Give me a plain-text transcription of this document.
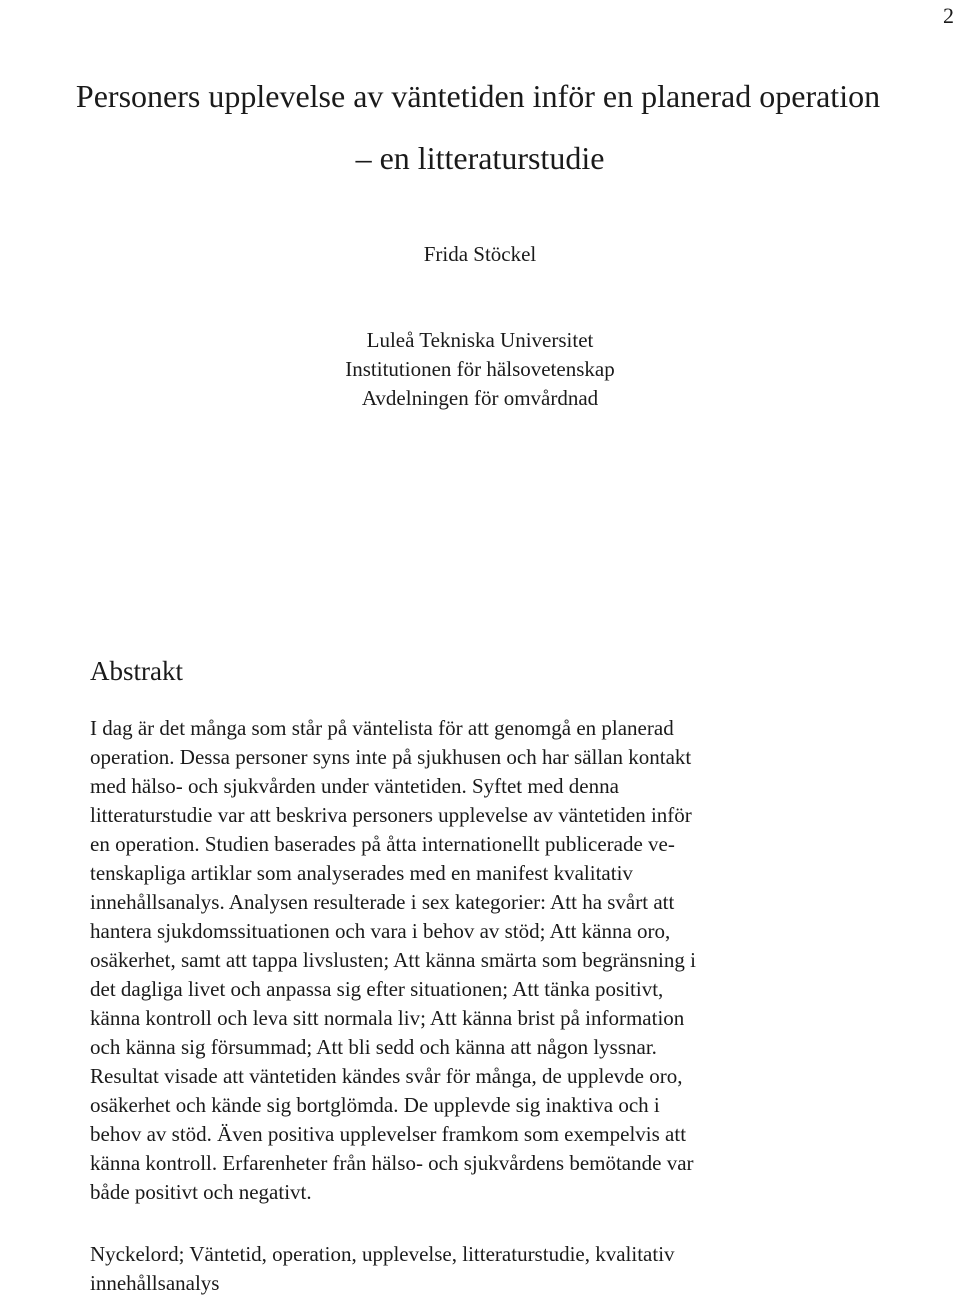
2
Personers upplevelse av väntetiden inför en planerad operation
– en litteraturstudie
Frida Stöckel
Luleå Tekniska Universitet
Institutionen för hälsovetenskap
Avdelningen för omvårdnad
Abstrakt
I dag är det många som står på väntelista för att genomgå en planerad
operation. Dessa personer syns inte på sjukhusen och har sällan kontakt
med hälso- och sjukvården under väntetiden. Syftet med denna
litteraturstudie var att beskriva personers upplevelse av väntetiden inför
en operation. Studien baserades på åtta internationellt publicerade ve-
tenskapliga artiklar som analyserades med en manifest kvalitativ
innehållsanalys. Analysen resulterade i sex kategorier: Att ha svårt att
hantera sjukdomssituationen och vara i behov av stöd; Att känna oro,
osäkerhet, samt att tappa livslusten; Att känna smärta som begränsning i
det dagliga livet och anpassa sig efter situationen; Att tänka positivt,
känna kontroll och leva sitt normala liv; Att känna brist på information
och känna sig försummad; Att bli sedd och känna att någon lyssnar.
Resultat visade att väntetiden kändes svår för många, de upplevde oro,
osäkerhet och kände sig bortglömda. De upplevde sig inaktiva och i
behov av stöd. Även positiva upplevelser framkom som exempelvis att
känna kontroll. Erfarenheter från hälso- och sjukvårdens bemötande var
både positivt och negativt.
Nyckelord; Väntetid, operation, upplevelse, litteraturstudie, kvalitativ
innehållsanalys
